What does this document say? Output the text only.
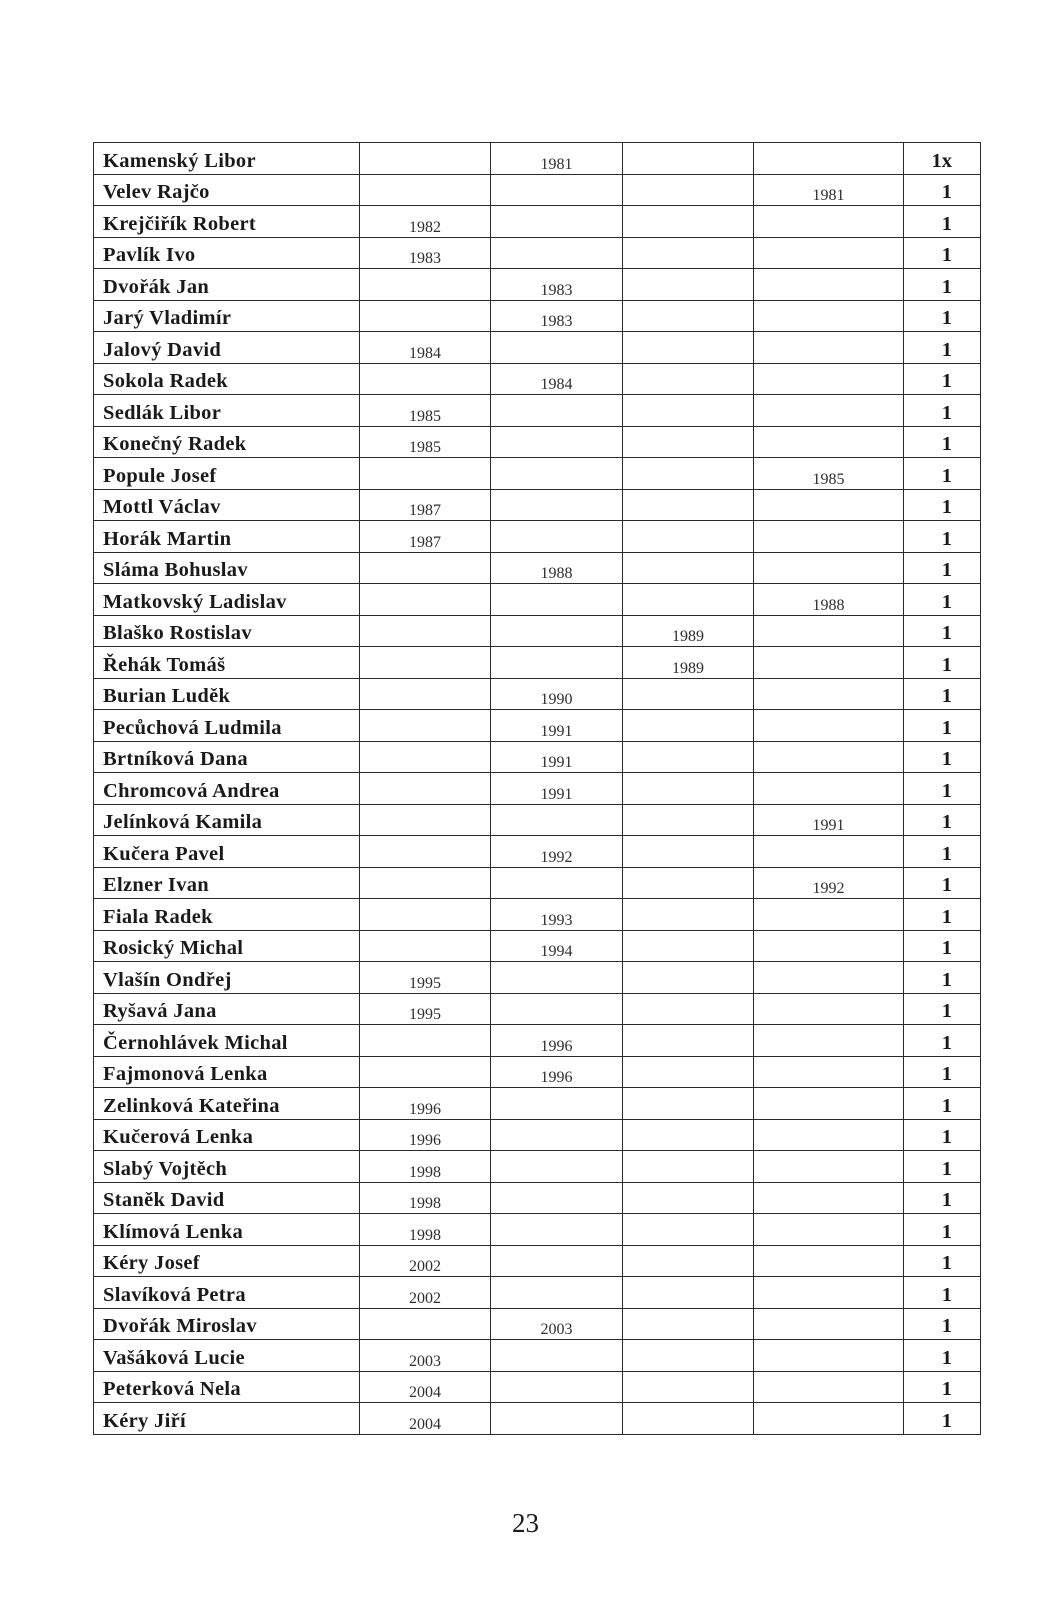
Kamenský Libor		1981			1x
Velev Rajčo				1981	1
Krejčiřík Robert	1982				1
Pavlík Ivo	1983				1
Dvořák Jan		1983			1
Jarý Vladimír		1983			1
Jalový David	1984				1
Sokola Radek		1984			1
Sedlák Libor	1985				1
Konečný Radek	1985				1
Popule Josef				1985	1
Mottl Václav	1987				1
Horák Martin	1987				1
Sláma Bohuslav		1988			1
Matkovský Ladislav				1988	1
Blaško Rostislav			1989		1
Řehák Tomáš			1989		1
Burian Luděk		1990			1
Pecůchová Ludmila		1991			1
Brtníková Dana		1991			1
Chromcová Andrea		1991			1
Jelínková Kamila				1991	1
Kučera Pavel		1992			1
Elzner Ivan				1992	1
Fiala Radek		1993			1
Rosický Michal		1994			1
Vlašín Ondřej	1995				1
Ryšavá Jana	1995				1
Černohlávek Michal		1996			1
Fajmonová Lenka		1996			1
Zelinková Kateřina	1996				1
Kučerová Lenka	1996				1
Slabý Vojtěch	1998				1
Staněk David	1998				1
Klímová Lenka	1998				1
Kéry Josef	2002				1
Slavíková Petra	2002				1
Dvořák Miroslav		2003			1
Vašáková Lucie	2003				1
Peterková Nela	2004				1
Kéry Jiří	2004				1
23
